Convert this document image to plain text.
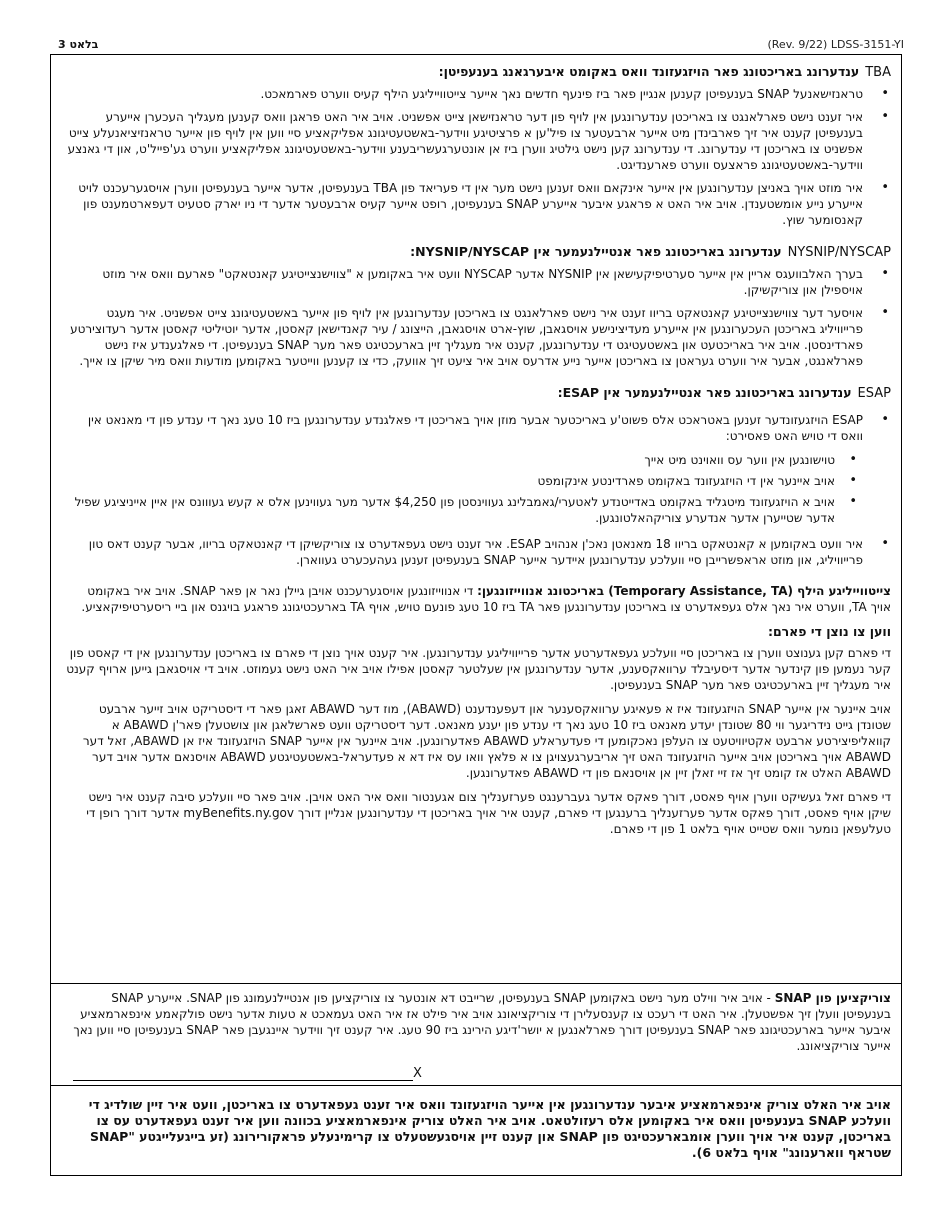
בלאט 3	(Rev. 9/22) LDSS-3151-YI
TBAענדערונג באריכטונג פאר הויזגעזונד וואס באקומט איבערגאנג בענעפיטן:
• טראנזישאנעל SNAP בענעפיטן קענען אנגיין פאר ביז פינעף חדשים נאך אייער צייטווייליגע הילף קעיס ווערט פארמאכט.
• איר זענט נישט פארלאנגט צו באריכטן ענדערונגען אין לויף פון דער טראנזישאן צייט אפשניט. אויב איר האט פראגן וואס קענען מעגליך העכערן אייערע בענעפיטן קענט איר זיך פארבינדן מיט אייער ארבעטער צו פיל'ען א פרציטיגע ווידער-באשטעטיגונג אפליקאציע סיי ווען אין לויף פון אייער טראנזיציאנעלע צייט אפשניט צו באריכטן די ענדערונג. די ענדערונג קען נישט גילטיג ווערן ביז אן אונטערגעשריבענע ווידער-באשטעטיגונג אפליקאציע ווערט גע'פייל'ט, און די גאנצע ווידער-באשטעטיגונג פראצעס ווערט פארענדיגט.
• איר מוזט אויך באניצן ענדערונגען אין אייער אינקאם וואס זענען נישט מער אין די פעריאד פון TBA בענעפיטן, אדער אייער בענעפיטן ווערן אויסגערעכנט לויט אייערע נייע אומשטענדן. אויב איר האט א פראגע איבער אייערע SNAP בענעפיטן, רופט אייער קעיס ארבעטער אדער די ניו יארק סטעיט דעפארטמענט פון קאנסומער שוץ.
NYSNIP/NYSCAPענדערונג באריכטונג פאר אנטיילנעמער אין NYSNIP/NYSCAP:
• בערך האלבוועגס אריין אין אייער סערטיפיקעישאן אין NYSNIP אדער NYSCAP וועט איר באקומען א "צווישנצייטיגע קאנטאקט" פארעם וואס איר מוזט אויספילן און צוריקשיקן.
• אויסער דער צווישנצייטיגע קאנטאקט בריוו זענט איר נישט פארלאנגט צו באריכטן ענדערונגען אין לויף פון אייער באשטעטיגונג צייט אפשניט. איר מעגט פרייוויליג באריכטן העכערונגען אין אייערע מעדיצינישע אויסגאבן, שוץ-ארט אויסגאבן, הייצונג / עיר קאנדישאן קאסטן, אדער יוטיליטי קאסטן אדער רעדוצירטע פארדינסטן. אויב איר באריכטעט און באשטעטיגט די ענדערונגען, קענט איר מעגליך זיין בארעכטיגט פאר מער SNAP בענעפיטן. די פאלגענדע איז נישט פארלאנגט, אבער איר ווערט געראטן צו באריכטן אייער נייע אדרעס אויב איר ציעט זיך אוועק, כדי צו קענען ווייטער באקומען מודעות וואס מיר שיקן צו אייך.
ESAPענדערונג באריכטונג פאר אנטיילנעמער אין ESAP:
• ESAP הויזגעזונדער זענען באטראכט אלס פשוט'ע באריכטער אבער מוזן אויך באריכטן די פאלגנדע ענדערונגען ביז 10 טעג נאך די ענדע פון די מאנאט אין וואס די טויש האט פאסירט:
• טוישונגען אין ווער עס וואוינט מיט אייך
• אויב איינער אין די הויזגעזונד באקומט פארדינטע אינקומפט
• אויב א הויזגעזונד מיטגליד באקומט באדייטנדע לאטערי/גאמבלינג געווינסטן פון $4,250 אדער מער געווינען אלס א קעש געווונס אין איין אייניציגע שפיל אדער שטייערן אדער אנדערע צוריקהאלטונגען.
• איר וועט באקומען א קאנטאקט בריוו 18 מאנאטן נאכ'ן אנהויב ESAP. איר זענט נישט געפאדערט צו צוריקשיקן די קאנטאקט בריוו, אבער קענט דאס טון פרייוויליג, און מוזט אראפשרייבן סיי וועלכע ענדערונגען איידער אייער SNAP בענעפיטן זענען געהעכערט געווארן.

צייטווייליגע הילף (Temporary Assistance, TA) באריכטונג אנווייזונגען: די אנווייזונגען אויסגערעכנט אויבן גיילן נאר אן פאר SNAP. אויב איר באקומט אויך TA, ווערט איר נאך אלס געפאדערט צו באריכטן ענדערונגען פאר TA ביז 10 טעג פונעם טויש, אויף TA בארעכטיגונג פראגע בויגנס און ביי ריסערטיפיקאציע.

ווען צו נוצן די פארם:

די פארם קען גענוצט ווערן צו באריכטן סיי וועלכע געפאדערטע אדער פרייוויליגע ענדערונגען. איר קענט אויך נוצן די פארם צו באריכטן ענדערונגען אין די קאסט פון קער נעמען פון קינדער אדער דיסעיבלד ערוואקסענע, אדער ענדערונגען אין שעלטער קאסטן אפילו אויב איר האט נישט געמוזט. אויב די אויסגאבן גייען ארויף קענט איר מעגליך זיין בארעכטיגט פאר מער SNAP בענעפיטן.

אויב איינער אין אייער SNAP הויזגעזונד איז א פעאיגע ערוואקסענער און דעפענדענט (ABAWD), מוז דער ABAWD זאגן פאר די דיסטריקט אויב זייער ארבעט שטונדן גייט נידריגער ווי 80 שטונדן יעדע מאנאט ביז 10 טעג נאך די ענדע פון יענע מאנאט. דער דיסטריקט וועט פארשלאגן און צושטעלן פאר'ן ABAWD א קוואליפיצירטע ארבעט אקטיוויטעט צו העלפן נאכקומען די פעדעראלע ABAWD פאדערונגען. אויב איינער אין אייער SNAP הויזגעזונד איז אן ABAWD, זאל דער ABAWD אויך באריכטן אויב אייער הויזגעזונד האט זיך אריבערגעצויגן צו א פלאץ וואו עס איז דא א פעדעראל-באשטעטיגטע ABAWD אויסנאם אדער אויב דער ABAWD האלט אז קומט זיך אז זיי זאלן זיין אן אויסנאם פון די ABAWD פאדערונגען.

די פארם זאל געשיקט ווערן אויף פאסט, דורך פאקס אדער געברענגט פערזענליך צום אגענטור וואס איר האט אויבן. אויב פאר סיי וועלכע סיבה קענט איר נישט שיקן אויף פאסט, דורך פאקס אדער פערזענליך ברענגען די פארם, קענט איר אויך באריכטן די ענדערונגען אנליין דורך myBenefits.ny.gov אדער דורך רופן די טעלעפאן נומער וואס שטייט אויף בלאט 1 פון די פארם.

צוריקציען פון SNAP - אויב איר ווילט מער נישט באקומען SNAP בענעפיטן, שרייבט דא אונטער צו צוריקציען פון אנטיילנעמונג פון SNAP. אייערע SNAP בענעפיטן וועלן זיך אפשטעלן. איר האט די רעכט צו קענסעלירן די צוריקציאונג אויב איר פילט אז איר האט געמאכט א טעות אדער נישט פולקאמע אינפארמאציע איבער אייער בארעכטיגונג פאר SNAP בענעפיטן דורך פארלאנגען א יושר'דיגע הירינג ביז 90 טעג. איר קענט זיך ווידער איינגעבן פאר SNAP בענעפיטן סיי ווען נאך אייער צוריקציאונג.

X

אויב איר האלט צוריק אינפארמאציע איבער ענדערונגען אין אייער הויזגעזונד וואס איר זענט געפאדערט צו באריכטן, וועט איר זיין שולדיג די וועלכע SNAP בענעפיטן וואס איר באקומען אלס רעזולטאט. אויב איר האלט צוריק אינפארמאציע בכוונה ווען איר זענט געפאדערט עס צו באריכטן, קענט איר אויך ווערן אומבארעכטיגט פון SNAP און קענט זיין אויסגעשטעלט צו קרימינעלע פראקורירונג (זע בייגעלייגטע "SNAP שטראף ווארענונג" אויף בלאט 6).
